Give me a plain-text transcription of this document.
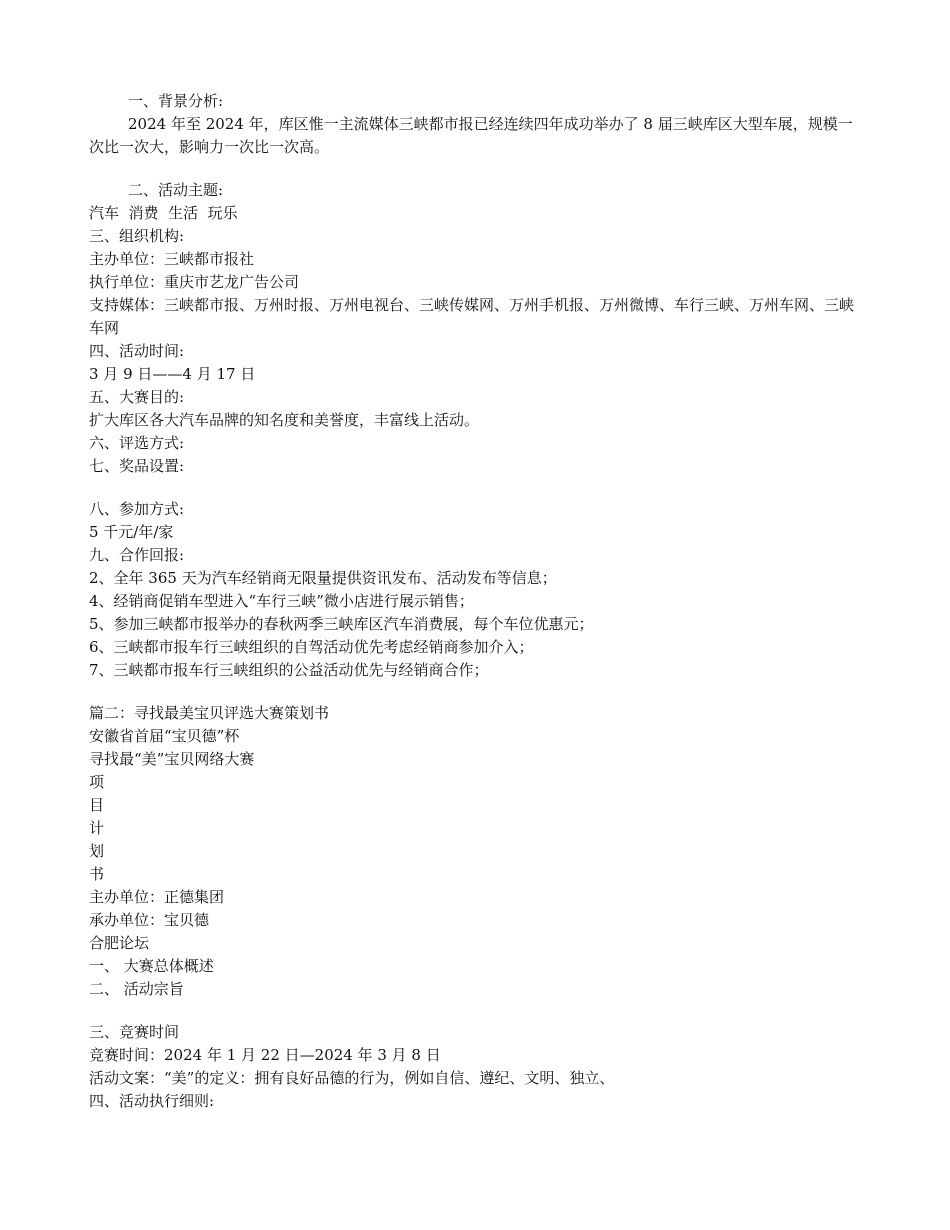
一、背景分析:
2024 年至 2024 年，库区惟一主流媒体三峡都市报已经连续四年成功举办了 8 届三峡库区大型车展，规模一次比一次大，影响力一次比一次高。
二、活动主题:
汽车  消费  生活  玩乐
三、组织机构:
主办单位：三峡都市报社
执行单位：重庆市艺龙广告公司
支持媒体：三峡都市报、万州时报、万州电视台、三峡传媒网、万州手机报、万州微博、车行三峡、万州车网、三峡车网
四、活动时间:
3 月 9 日——4 月 17 日
五、大赛目的:
扩大库区各大汽车品牌的知名度和美誉度，丰富线上活动。
六、评选方式:
七、奖品设置:
八、参加方式:
5 千元/年/家
九、合作回报:
2、全年 365 天为汽车经销商无限量提供资讯发布、活动发布等信息；
4、经销商促销车型进入“车行三峡”微小店进行展示销售；
5、参加三峡都市报举办的春秋两季三峡库区汽车消费展，每个车位优惠元；
6、三峡都市报车行三峡组织的自驾活动优先考虑经销商参加介入；
7、三峡都市报车行三峡组织的公益活动优先与经销商合作；
篇二：寻找最美宝贝评选大赛策划书
安徽省首届“宝贝德”杯
寻找最“美”宝贝网络大赛
项
目
计
划
书
主办单位：正德集团
承办单位：宝贝德
合肥论坛
一、 大赛总体概述
二、 活动宗旨
三、竞赛时间
竞赛时间：2024 年 1 月 22 日—2024 年 3 月 8 日
活动文案：“美”的定义：拥有良好品德的行为，例如自信、遵纪、文明、独立、
四、活动执行细则:
